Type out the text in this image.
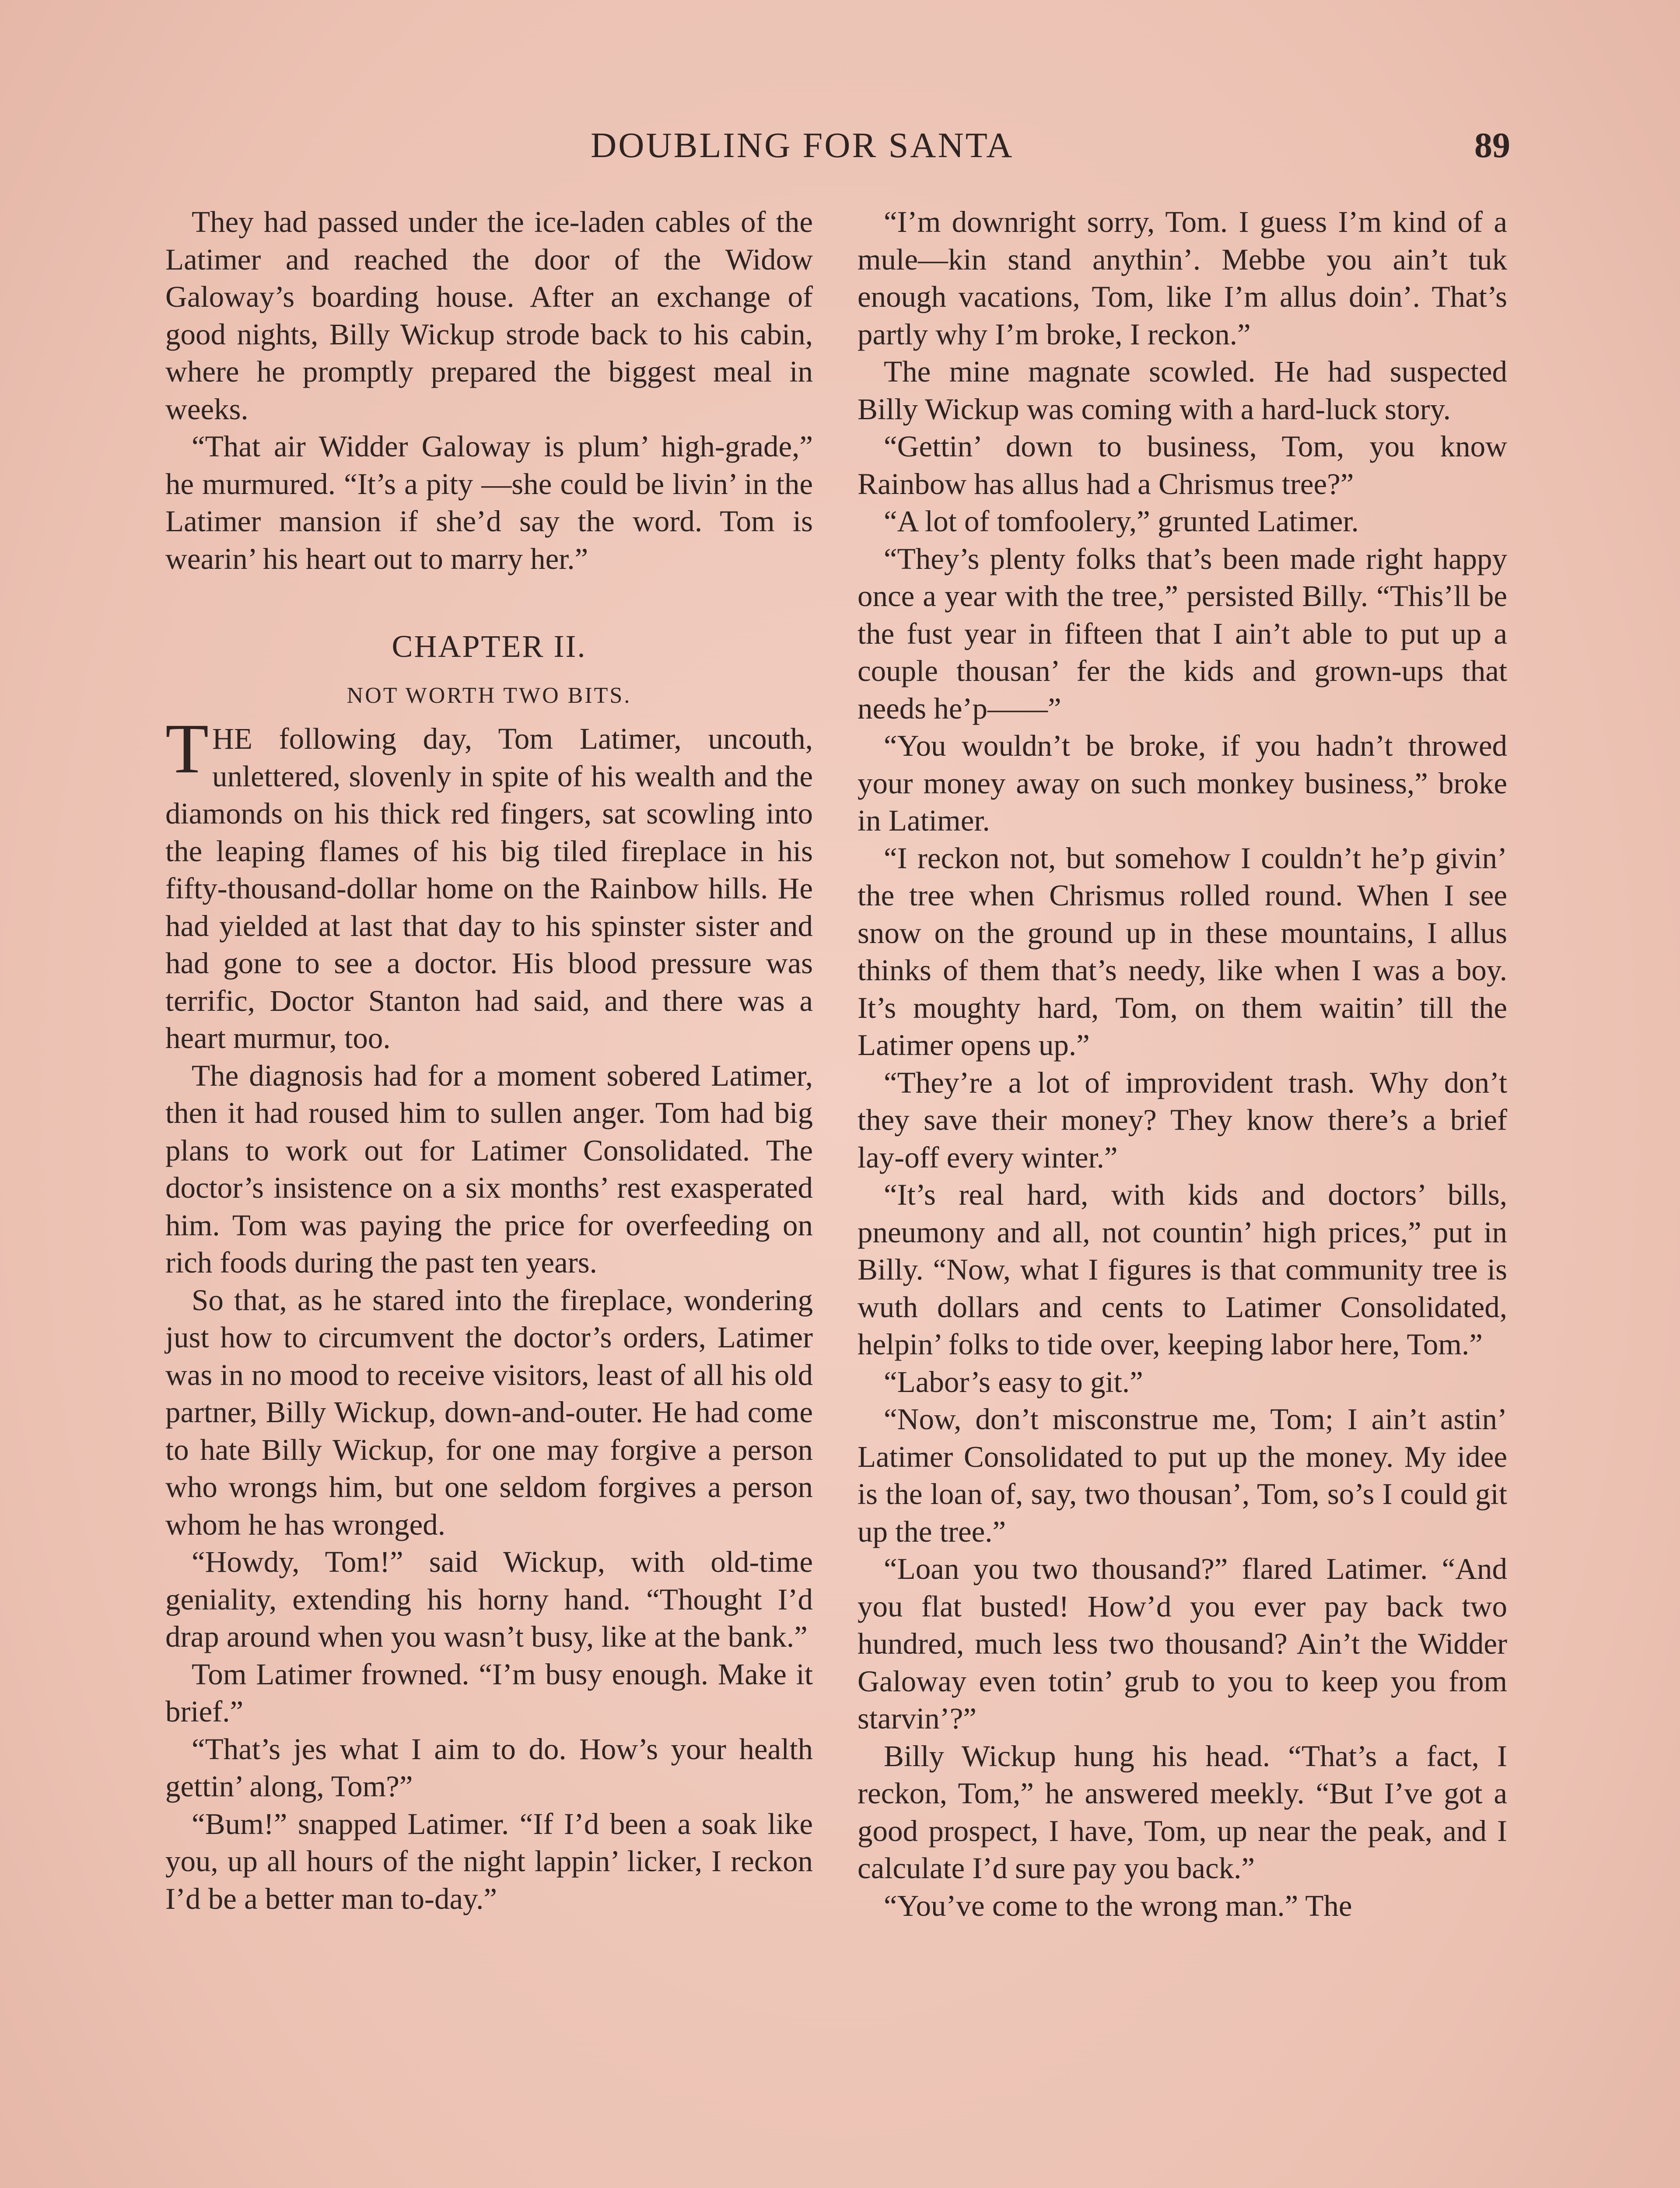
DOUBLING FOR SANTA	89

They had passed under the ice-laden cables of the Latimer and reached the door of the Widow Galoway’s boarding house. After an exchange of good nights, Billy Wickup strode back to his cabin, where he promptly prepared the biggest meal in weeks.

“That air Widder Galoway is plum’ high-grade,” he murmured. “It’s a pity —she could be livin’ in the Latimer mansion if she’d say the word. Tom is wearin’ his heart out to marry her.”

CHAPTER II.
NOT WORTH TWO BITS.

THE following day, Tom Latimer, uncouth, unlettered, slovenly in spite of his wealth and the diamonds on his thick red fingers, sat scowling into the leaping flames of his big tiled fireplace in his fifty-thousand-dollar home on the Rainbow hills. He had yielded at last that day to his spinster sister and had gone to see a doctor. His blood pressure was terrific, Doctor Stanton had said, and there was a heart murmur, too.

The diagnosis had for a moment sobered Latimer, then it had roused him to sullen anger. Tom had big plans to work out for Latimer Consolidated. The doctor’s insistence on a six months’ rest exasperated him. Tom was paying the price for overfeeding on rich foods during the past ten years.

So that, as he stared into the fireplace, wondering just how to circumvent the doctor’s orders, Latimer was in no mood to receive visitors, least of all his old partner, Billy Wickup, down-and-outer. He had come to hate Billy Wickup, for one may forgive a person who wrongs him, but one seldom forgives a person whom he has wronged.

“Howdy, Tom!” said Wickup, with old-time geniality, extending his horny hand. “Thought I’d drap around when you wasn’t busy, like at the bank.”

Tom Latimer frowned. “I’m busy enough. Make it brief.”

“That’s jes what I aim to do. How’s your health gettin’ along, Tom?”

“Bum!” snapped Latimer. “If I’d been a soak like you, up all hours of the night lappin’ licker, I reckon I’d be a better man to-day.”

“I’m downright sorry, Tom. I guess I’m kind of a mule—kin stand anythin’. Mebbe you ain’t tuk enough vacations, Tom, like I’m allus doin’. That’s partly why I’m broke, I reckon.”

The mine magnate scowled. He had suspected Billy Wickup was coming with a hard-luck story.

“Gettin’ down to business, Tom, you know Rainbow has allus had a Chrismus tree?”

“A lot of tomfoolery,” grunted Latimer.

“They’s plenty folks that’s been made right happy once a year with the tree,” persisted Billy. “This’ll be the fust year in fifteen that I ain’t able to put up a couple thousan’ fer the kids and grown-ups that needs he’p——”

“You wouldn’t be broke, if you hadn’t throwed your money away on such monkey business,” broke in Latimer.

“I reckon not, but somehow I couldn’t he’p givin’ the tree when Chrismus rolled round. When I see snow on the ground up in these mountains, I allus thinks of them that’s needy, like when I was a boy. It’s moughty hard, Tom, on them waitin’ till the Latimer opens up.”

“They’re a lot of improvident trash. Why don’t they save their money? They know there’s a brief lay-off every winter.”

“It’s real hard, with kids and doctors’ bills, pneumony and all, not countin’ high prices,” put in Billy. “Now, what I figures is that community tree is wuth dollars and cents to Latimer Consolidated, helpin’ folks to tide over, keeping labor here, Tom.”

“Labor’s easy to git.”

“Now, don’t misconstrue me, Tom; I ain’t astin’ Latimer Consolidated to put up the money. My idee is the loan of, say, two thousan’, Tom, so’s I could git up the tree.”

“Loan you two thousand?” flared Latimer. “And you flat busted! How’d you ever pay back two hundred, much less two thousand? Ain’t the Widder Galoway even totin’ grub to you to keep you from starvin’?”

Billy Wickup hung his head. “That’s a fact, I reckon, Tom,” he answered meekly. “But I’ve got a good prospect, I have, Tom, up near the peak, and I calculate I’d sure pay you back.”

“You’ve come to the wrong man.” The
